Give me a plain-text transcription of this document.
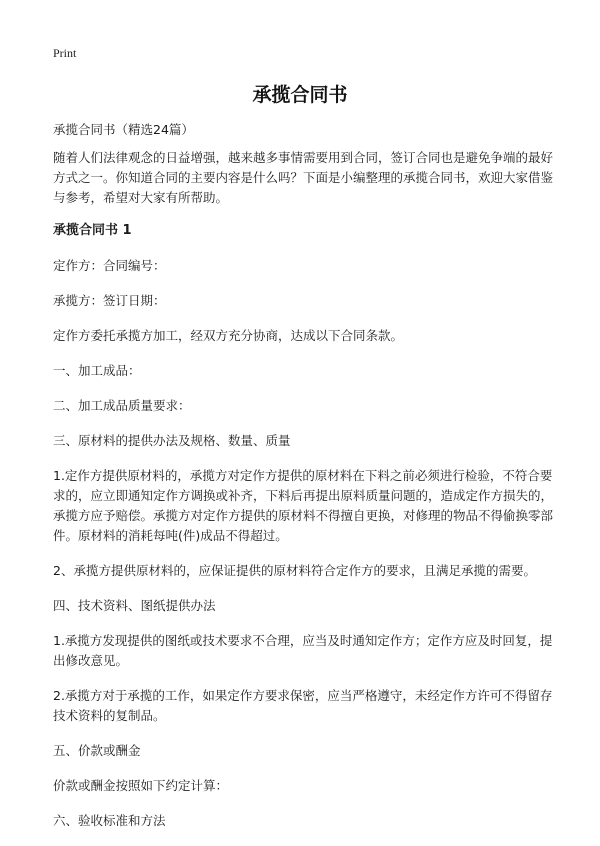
Print
承揽合同书

承揽合同书（精选24篇）

随着人们法律观念的日益增强，越来越多事情需要用到合同，签订合同也是避免争端的最好方式之一。你知道合同的主要内容是什么吗？下面是小编整理的承揽合同书，欢迎大家借鉴与参考，希望对大家有所帮助。

承揽合同书 1

定作方：合同编号：

承揽方：签订日期：

定作方委托承揽方加工，经双方充分协商，达成以下合同条款。

一、加工成品：

二、加工成品质量要求：

三、原材料的提供办法及规格、数量、质量

1.定作方提供原材料的，承揽方对定作方提供的原材料在下料之前必须进行检验，不符合要求的，应立即通知定作方调换或补齐，下料后再提出原料质量问题的，造成定作方损失的，承揽方应予赔偿。承揽方对定作方提供的原材料不得擅自更换，对修理的物品不得偷换零部件。原材料的消耗每吨(件)成品不得超过。

2、承揽方提供原材料的，应保证提供的原材料符合定作方的要求，且满足承揽的需要。

四、技术资料、图纸提供办法

1.承揽方发现提供的图纸或技术要求不合理，应当及时通知定作方；定作方应及时回复，提出修改意见。

2.承揽方对于承揽的工作，如果定作方要求保密，应当严格遵守，未经定作方许可不得留存技术资料的复制品。

五、价款或酬金

价款或酬金按照如下约定计算：

六、验收标准和方法
